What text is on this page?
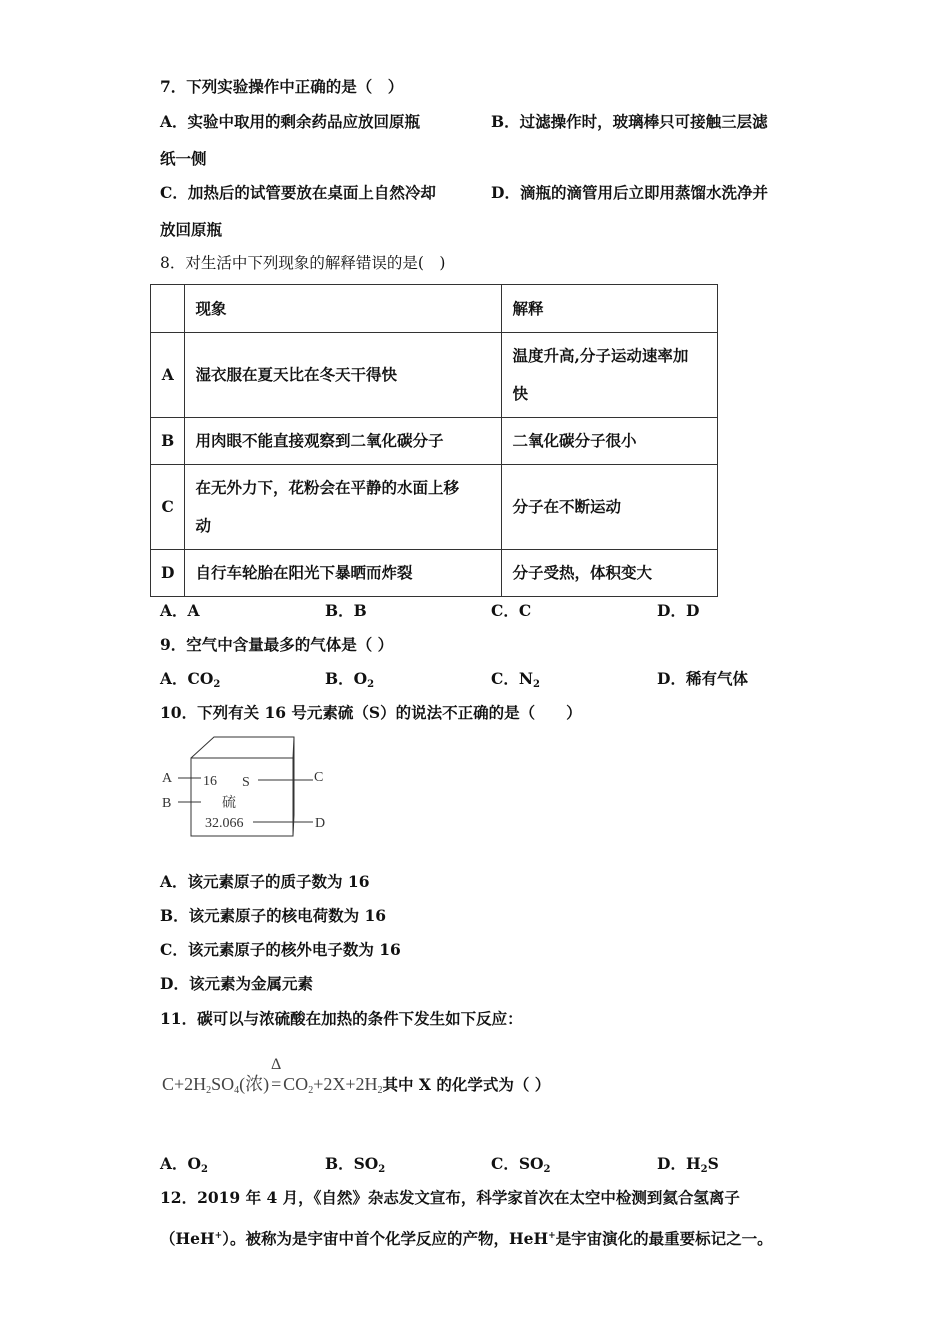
7．下列实验操作中正确的是（　）
A．实验中取用的剩余药品应放回原瓶	B．过滤操作时，玻璃棒只可接触三层滤
纸一侧
C．加热后的试管要放在桌面上自然冷却	D．滴瓶的滴管用后立即用蒸馏水洗净并
放回原瓶
8．对生活中下列现象的解释错误的是(　)
	现象	解释
A	湿衣服在夏天比在冬天干得快	温度升高,分子运动速率加
快

B	用肉眼不能直接观察到二氧化碳分子	二氧化碳分子很小
C	在无外力下，花粉会在平静的水面上移
动	分子在不断运动
D	自行车轮胎在阳光下暴晒而炸裂	分子受热，体积变大
A．A	B．B	C．C	D．D
9．空气中含量最多的气体是（ ）
A．$CO_2$	B．$O_2$	C．$N_2$	D．稀有气体
10．下列有关 16 号元素硫（S）的说法不正确的是（　　）
A
B
C
D
16 S
硫
32.066
A．该元素原子的质子数为 16
B．该元素原子的核电荷数为 16
C．该元素原子的核外电子数为 16
D．该元素为金属元素
11．碳可以与浓硫酸在加热的条件下发生如下反应：
$C+2H_2SO_4$(浓)
Δ
= $CO_2+2X+2H_2$其中 X 的化学式为（ ）
A．$O_2$	B．$SO_2$	C．$SO_2$	D．$H_2S$
12．2019 年 4 月，《自然》杂志发文宣布，科学家首次在太空中检测到氦合氢离子
（HeH+）。被称为是宇宙中首个化学反应的产物，HeH+是宇宙演化的最重要标记之一。
